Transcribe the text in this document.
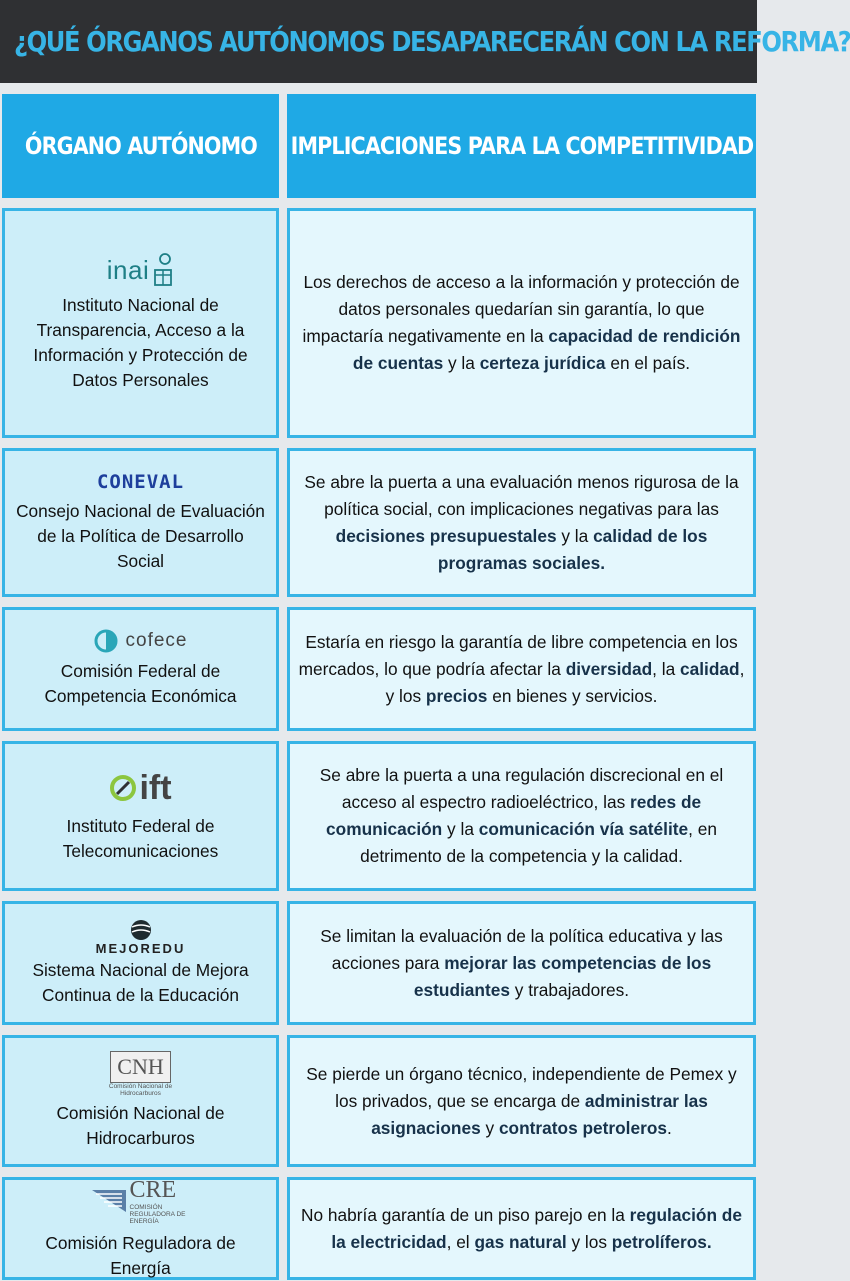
¿QUÉ ÓRGANOS AUTÓNOMOS DESAPARECERÁN CON LA REFORMA?
ÓRGANO AUTÓNOMO IMPLICACIONES PARA LA COMPETITIVIDAD
inai
Instituto Nacional de Transparencia, Acceso a la Información y Protección de Datos Personales
Los derechos de acceso a la información y protección de datos personales quedarían sin garantía, lo que impactaría negativamente en la capacidad de rendición de cuentas y la certeza jurídica en el país.
CONEVAL
Consejo Nacional de Evaluación de la Política de Desarrollo Social
Se abre la puerta a una evaluación menos rigurosa de la política social, con implicaciones negativas para las decisiones presupuestales y la calidad de los programas sociales.
cofece
Comisión Federal de Competencia Económica
Estaría en riesgo la garantía de libre competencia en los mercados, lo que podría afectar la diversidad, la calidad, y los precios en bienes y servicios.
ift
Instituto Federal de Telecomunicaciones
Se abre la puerta a una regulación discrecional en el acceso al espectro radioeléctrico, las redes de comunicación y la comunicación vía satélite, en detrimento de la competencia y la calidad.
MEJOREDU
Sistema Nacional de Mejora Continua de la Educación
Se limitan la evaluación de la política educativa y las acciones para mejorar las competencias de los estudiantes y trabajadores.
CNH
Comisión Nacional de Hidrocarburos
Comisión Nacional de Hidrocarburos
Se pierde un órgano técnico, independiente de Pemex y los privados, que se encarga de administrar las asignaciones y contratos petroleros.
CRE
COMISIÓN REGULADORA DE ENERGÍA
Comisión Reguladora de Energía
No habría garantía de un piso parejo en la regulación de la electricidad, el gas natural y los petrolíferos.
